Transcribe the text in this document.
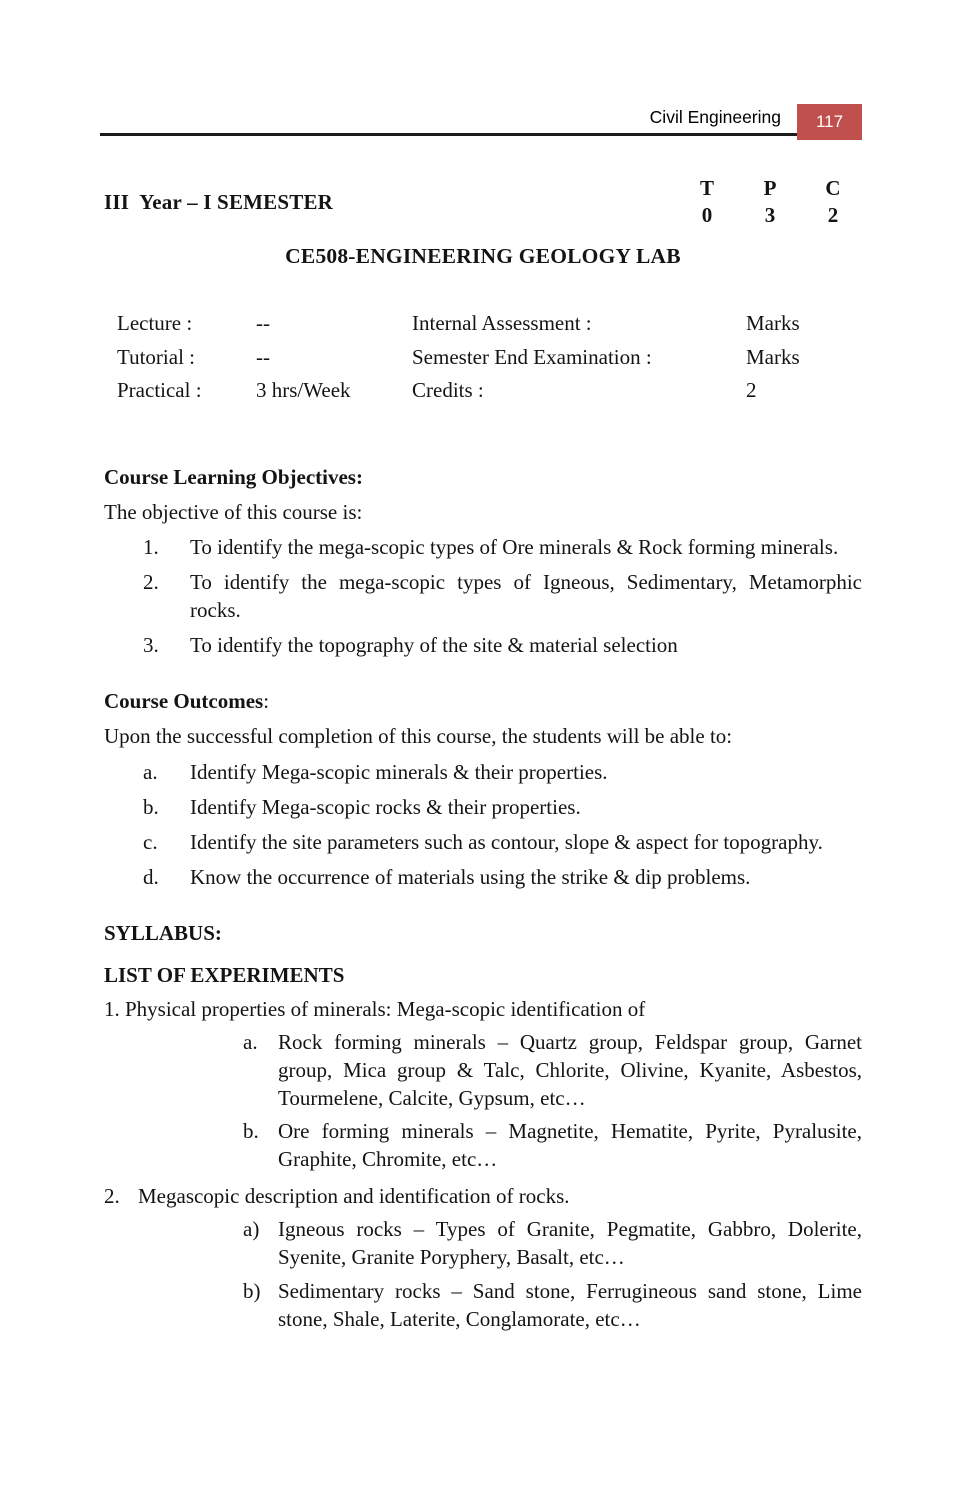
Civil Engineering 117
III  Year – I SEMESTER
T	P	C
0	3	2
CE508-ENGINEERING GEOLOGY LAB
Lecture :	--	Internal Assessment :	Marks
Tutorial :	--	Semester End Examination :	Marks
Practical :	3 hrs/Week	Credits :	2
Course Learning Objectives:

The objective of this course is:

1.	To identify the mega-scopic types of Ore minerals & Rock forming minerals.
2.	To identify the mega-scopic types of Igneous, Sedimentary, Metamorphic rocks.
3.	To identify the topography of the site & material selection
Course Outcomes:

Upon the successful completion of this course, the students will be able to:

a.	Identify Mega-scopic minerals & their properties.
b.	Identify Mega-scopic rocks & their properties.
c.	Identify the site parameters such as contour, slope & aspect for topography.
d.	Know the occurrence of materials using the strike & dip problems.
SYLLABUS:
LIST OF EXPERIMENTS

1. Physical properties of minerals: Mega-scopic identification of

a. Rock forming minerals – Quartz group, Feldspar group, Garnet group, Mica group & Talc, Chlorite, Olivine, Kyanite, Asbestos, Tourmelene, Calcite, Gypsum, etc…
b. Ore forming minerals – Magnetite, Hematite, Pyrite, Pyralusite, Graphite, Chromite, etc…
2. Megascopic description and identification of rocks.
a) Igneous rocks – Types of Granite, Pegmatite, Gabbro, Dolerite, Syenite, Granite Poryphery, Basalt, etc…
b) Sedimentary rocks – Sand stone, Ferrugineous sand stone, Lime stone, Shale, Laterite, Conglamorate, etc…
